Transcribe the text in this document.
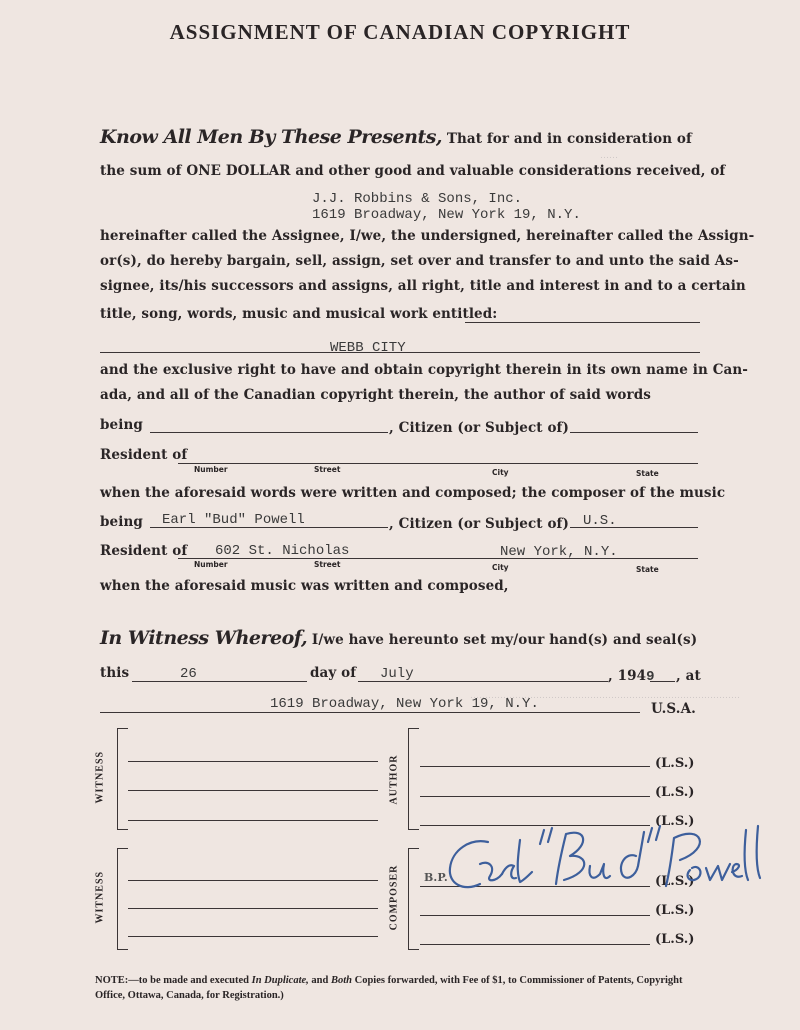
ASSIGNMENT OF CANADIAN COPYRIGHT
……
………………………………………………………………………………
Know All Men By These Presents, That for and in consideration of
the sum of ONE DOLLAR and other good and valuable considerations received, of
J.J. Robbins & Sons, Inc.
1619 Broadway, New York 19, N.Y.
hereinafter called the Assignee, I/we, the undersigned, hereinafter called the Assign-
or(s), do hereby bargain, sell, assign, set over and transfer to and unto the said As-
signee, its/his successors and assigns, all right, title and interest in and to a certain
title, song, words, music and musical work entitled:
WEBB CITY
and the exclusive right to have and obtain copyright therein in its own name in Can-
ada, and all of the Canadian copyright therein, the author of said words
being	, Citizen (or Subject of)
Resident of
Number	Street	City	State
when the aforesaid words were written and composed; the composer of the music
being Earl "Bud" Powell	, Citizen (or Subject of) U.S.
Resident of 602 St. Nicholas	New York, N.Y.
Number	Street	City	State
when the aforesaid music was written and composed,
In Witness Whereof, I/we have hereunto set my/our hand(s) and seal(s)
this	26	day of July	, 1949 , at
1619 Broadway, New York 19, N.Y.	U.S.A.
WITNESS	AUTHOR	(L.S.)
(L.S.)
(L.S.)
WITNESS	COMPOSER B.P.	(L.S.)
(L.S.)
(L.S.)
NOTE:—to be made and executed In Duplicate, and Both Copies forwarded, with Fee of $1, to Commissioner of Patents, Copyright Office, Ottawa, Canada, for Registration.)
